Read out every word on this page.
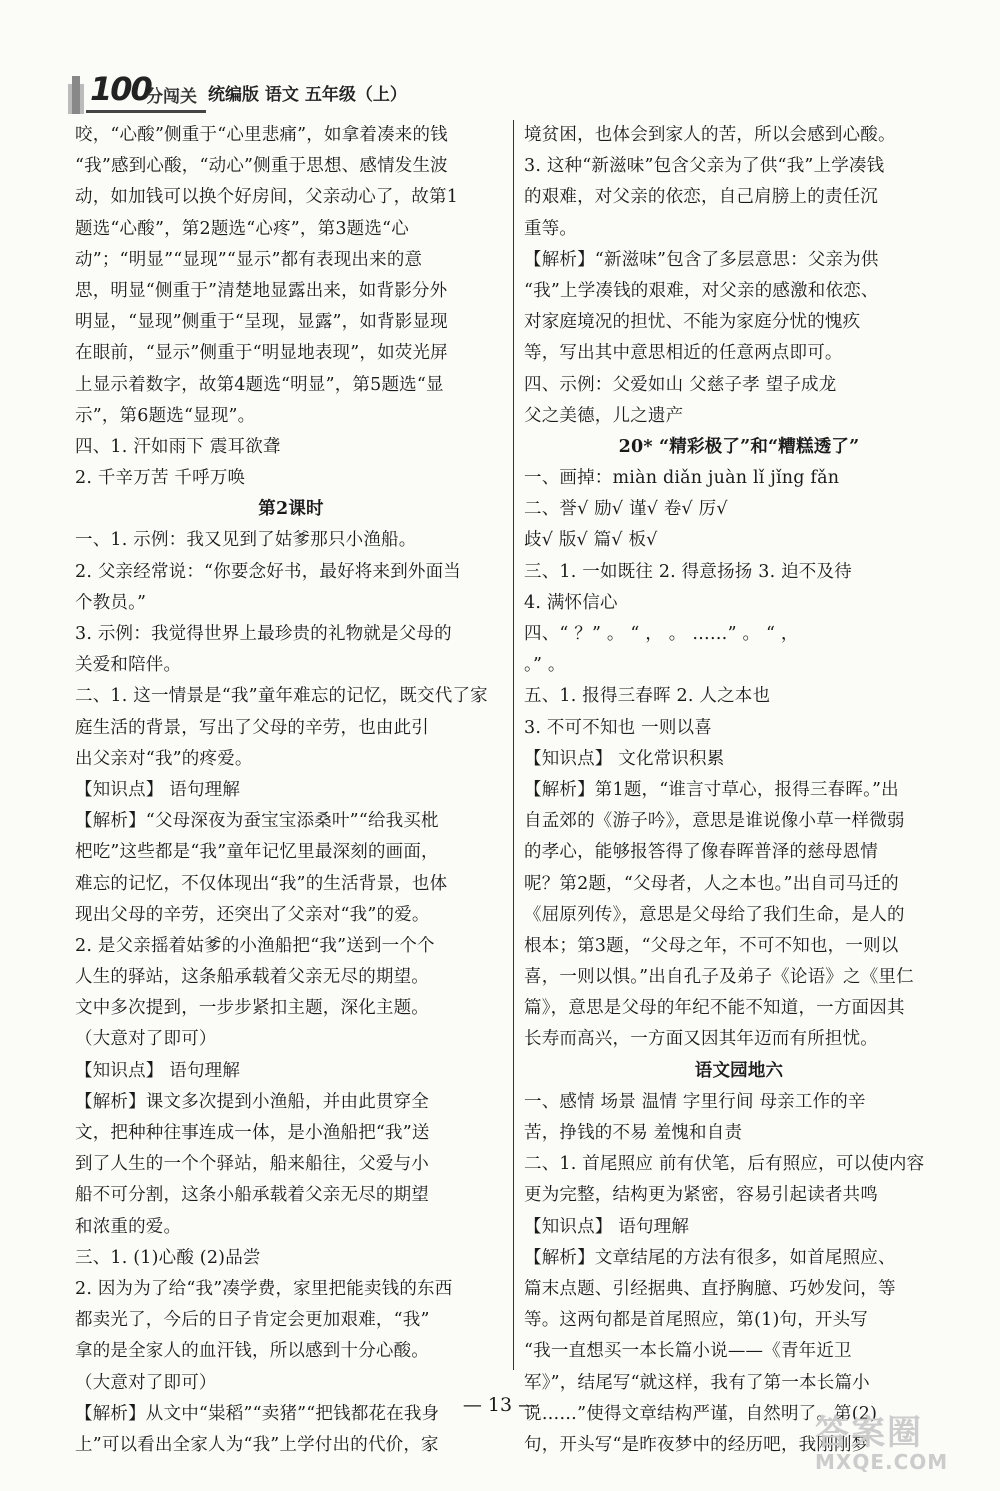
100
分闯关 统编版 语文 五年级（上）
咬，“心酸”侧重于“心里悲痛”，如拿着凑来的钱
“我”感到心酸，“动心”侧重于思想、感情发生波
动，如加钱可以换个好房间，父亲动心了，故第1
题选“心酸”，第2题选“心疼”，第3题选“心
动”；“明显”“显现”“显示”都有表现出来的意
思，明显“侧重于”清楚地显露出来，如背影分外
明显，“显现”侧重于“呈现，显露”，如背影显现
在眼前，“显示”侧重于“明显地表现”，如荧光屏
上显示着数字，故第4题选“明显”，第5题选“显
示”，第6题选“显现”。
四、1. 汗如雨下 震耳欲聋
2. 千辛万苦 千呼万唤
第2课时
一、1. 示例：我又见到了姑爹那只小渔船。
2. 父亲经常说：“你要念好书，最好将来到外面当
个教员。”
3. 示例：我觉得世界上最珍贵的礼物就是父母的
关爱和陪伴。
二、1. 这一情景是“我”童年难忘的记忆，既交代了家
庭生活的背景，写出了父母的辛劳，也由此引
出父亲对“我”的疼爱。
【知识点】 语句理解
【解析】“父母深夜为蚕宝宝添桑叶”“给我买枇
杷吃”这些都是“我”童年记忆里最深刻的画面，
难忘的记忆，不仅体现出“我”的生活背景，也体
现出父母的辛劳，还突出了父亲对“我”的爱。
2. 是父亲摇着姑爹的小渔船把“我”送到一个个
人生的驿站，这条船承载着父亲无尽的期望。
文中多次提到，一步步紧扣主题，深化主题。
（大意对了即可）
【知识点】 语句理解
【解析】课文多次提到小渔船，并由此贯穿全
文，把种种往事连成一体，是小渔船把“我”送
到了人生的一个个驿站，船来船往，父爱与小
船不可分割，这条小船承载着父亲无尽的期望
和浓重的爱。
三、1. (1)心酸 (2)品尝
2. 因为为了给“我”凑学费，家里把能卖钱的东西
都卖光了，今后的日子肯定会更加艰难，“我”
拿的是全家人的血汗钱，所以感到十分心酸。
（大意对了即可）
【解析】从文中“粜稻”“卖猪”“把钱都花在我身
上”可以看出全家人为“我”上学付出的代价，家
境贫困，也体会到家人的苦，所以会感到心酸。
3. 这种“新滋味”包含父亲为了供“我”上学凑钱
的艰难，对父亲的依恋，自己肩膀上的责任沉
重等。
【解析】“新滋味”包含了多层意思：父亲为供
“我”上学凑钱的艰难，对父亲的感激和依恋、
对家庭境况的担忧、不能为家庭分忧的愧疚
等，写出其中意思相近的任意两点即可。
四、示例：父爱如山 父慈子孝 望子成龙
父之美德，儿之遗产
20* “精彩极了”和“糟糕透了”
一、画掉：miàn diǎn juàn lǐ jǐng fǎn
二、誉√ 励√ 谨√ 卷√ 厉√
歧√ 版√ 篇√ 板√
三、1. 一如既往 2. 得意扬扬 3. 迫不及待
4. 满怀信心
四、“ ？” 。 “ ， 。 ……” 。 “ ，
。” 。
五、1. 报得三春晖 2. 人之本也
3. 不可不知也 一则以喜
【知识点】 文化常识积累
【解析】第1题，“谁言寸草心，报得三春晖。”出
自孟郊的《游子吟》，意思是谁说像小草一样微弱
的孝心，能够报答得了像春晖普泽的慈母恩情
呢？第2题，“父母者，人之本也。”出自司马迁的
《屈原列传》，意思是父母给了我们生命，是人的
根本；第3题，“父母之年，不可不知也，一则以
喜，一则以惧。”出自孔子及弟子《论语》之《里仁
篇》，意思是父母的年纪不能不知道，一方面因其
长寿而高兴，一方面又因其年迈而有所担忧。
语文园地六
一、感情 场景 温情 字里行间 母亲工作的辛
苦，挣钱的不易 羞愧和自责
二、1. 首尾照应 前有伏笔，后有照应，可以使内容
更为完整，结构更为紧密，容易引起读者共鸣
【知识点】 语句理解
【解析】文章结尾的方法有很多，如首尾照应、
篇末点题、引经据典、直抒胸臆、巧妙发问，等
等。这两句都是首尾照应，第(1)句，开头写
“我一直想买一本长篇小说——《青年近卫
军》”，结尾写“就这样，我有了第一本长篇小
说……”使得文章结构严谨，自然明了。第(2)
句，开头写“是昨夜梦中的经历吧，我刚刚梦
— 13 —
答案圈
MXQE.COM
